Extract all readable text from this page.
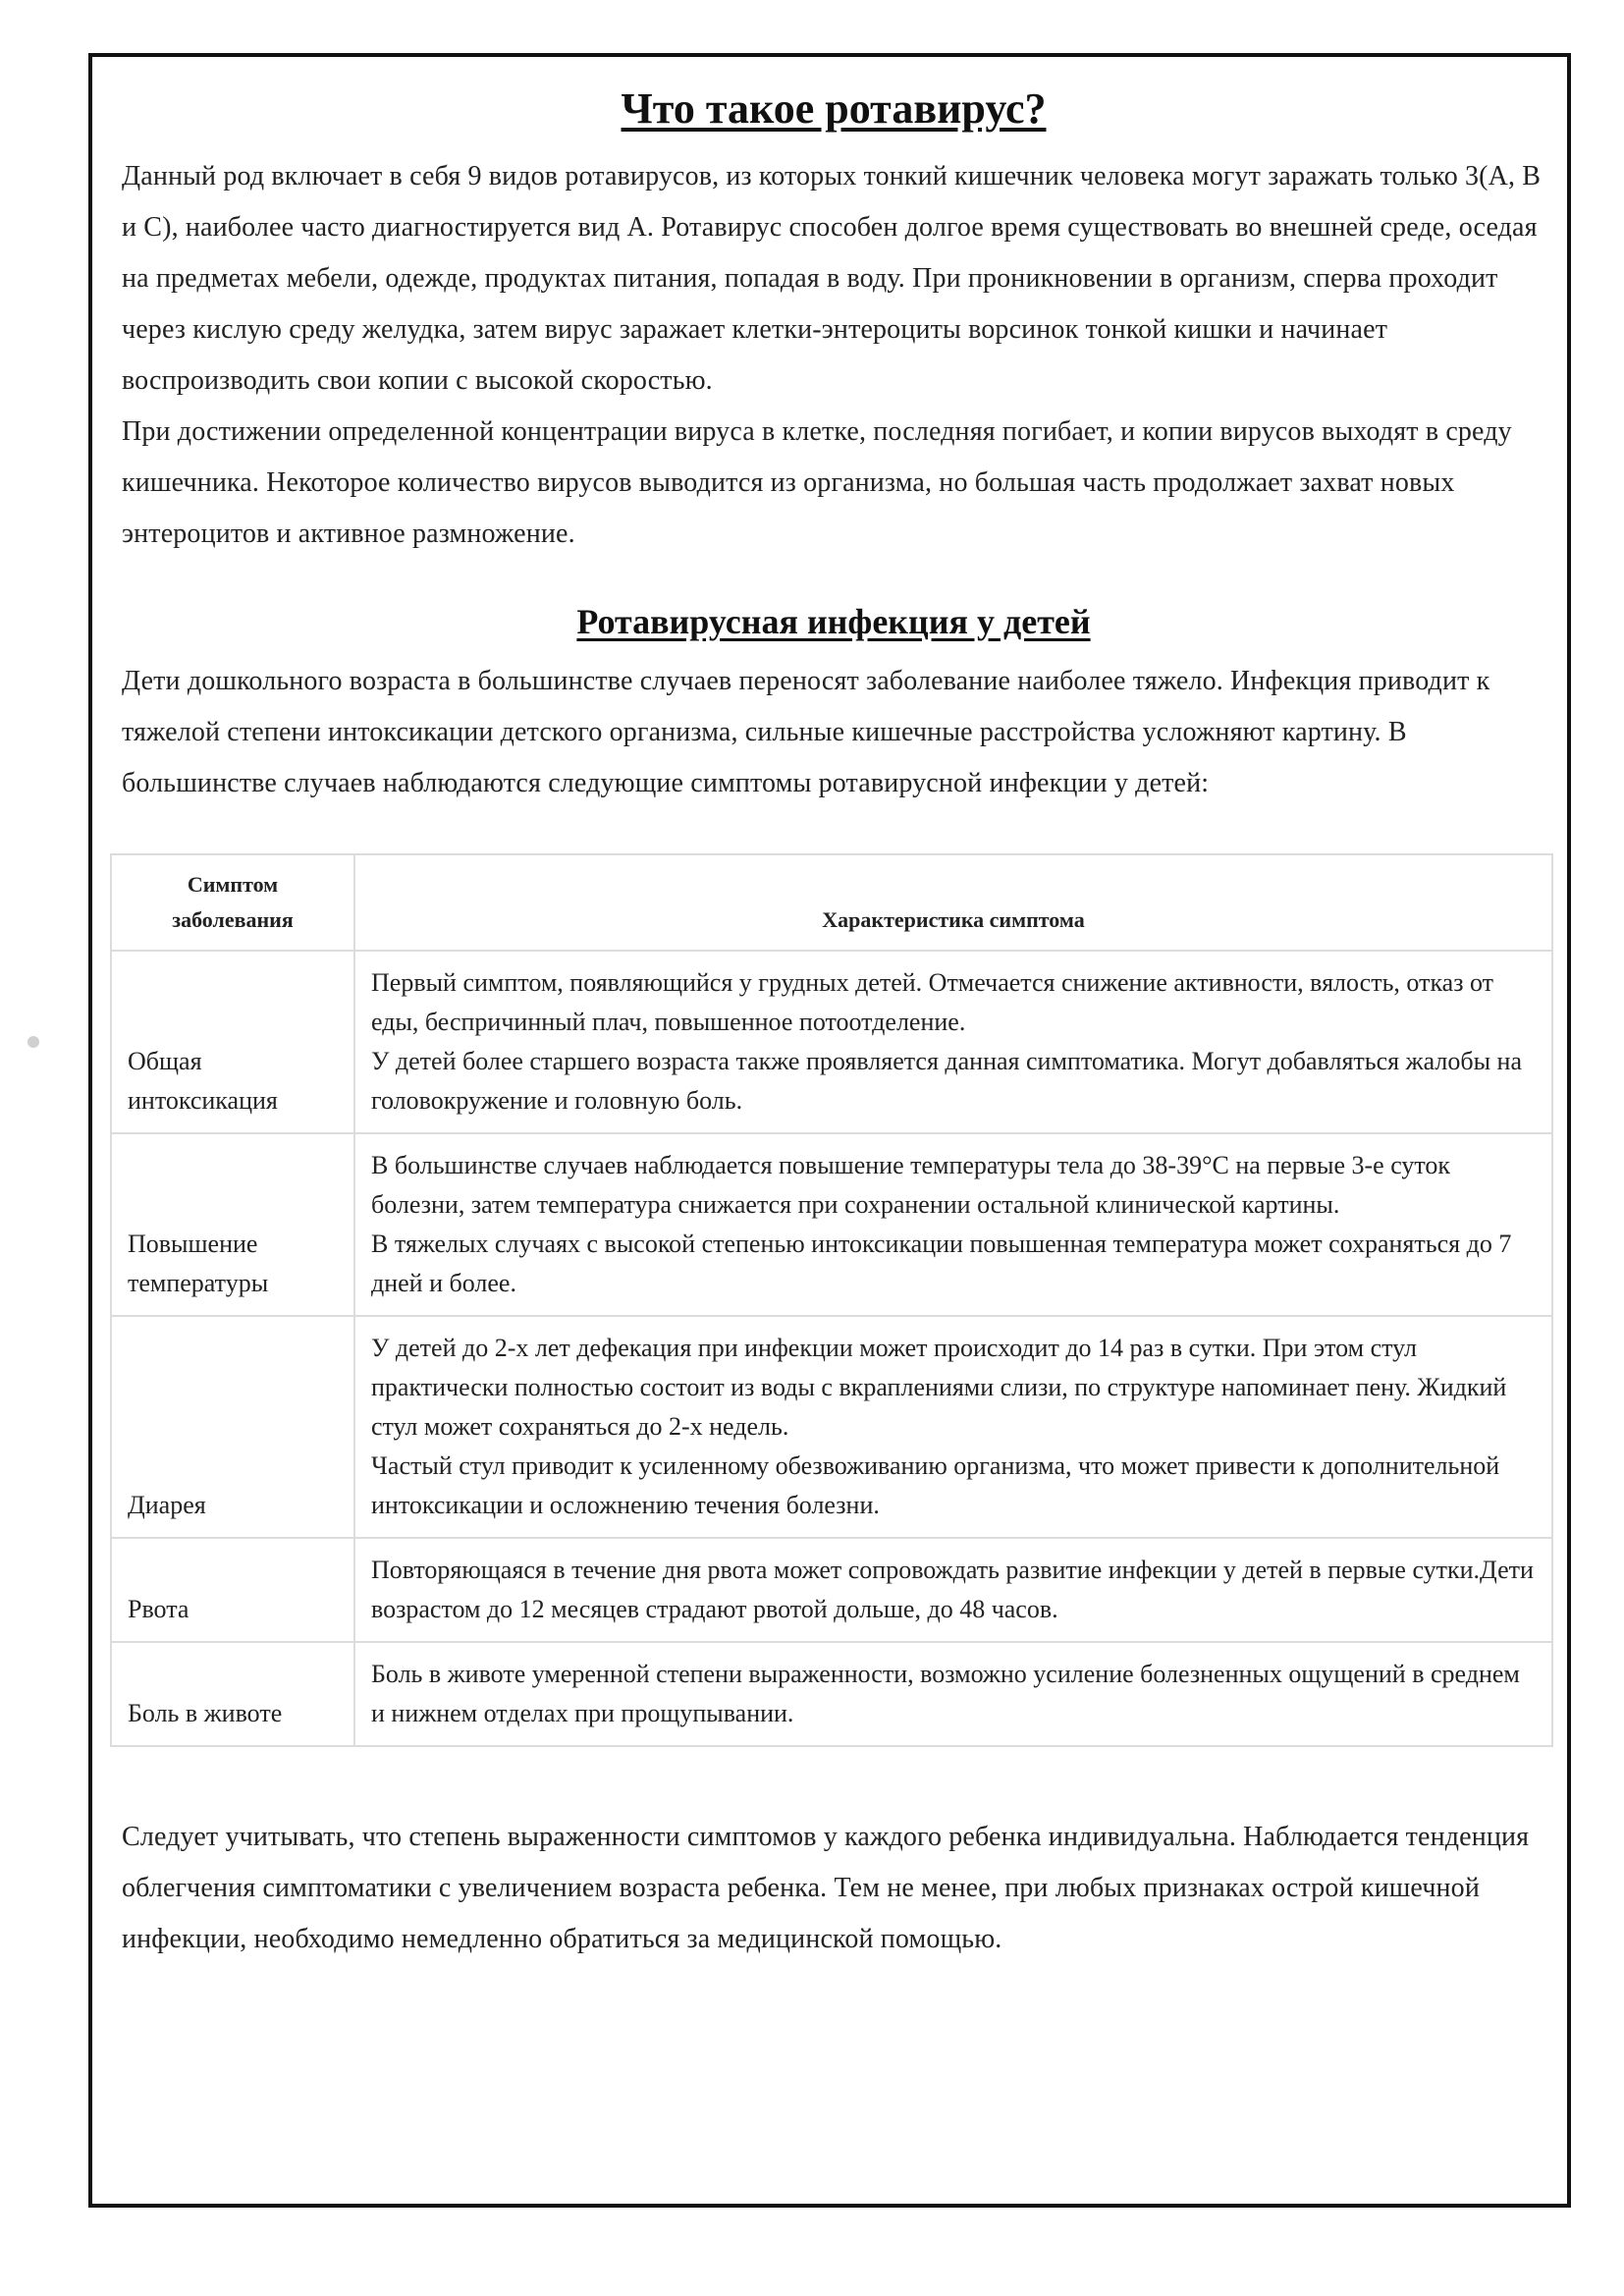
Что такое ротавирус?

Данный род включает в себя 9 видов ротавирусов, из которых тонкий кишечник человека могут заражать только 3(A, B и C), наиболее часто диагностируется вид А. Ротавирус способен долгое время существовать во внешней среде, оседая на предметах мебели, одежде, продуктах питания, попадая в воду. При проникновении в организм, сперва проходит через кислую среду желудка, затем вирус заражает клетки-энтероциты ворсинок тонкой кишки и начинает воспроизводить свои копии с высокой скоростью.

При достижении определенной концентрации вируса в клетке, последняя погибает, и копии вирусов выходят в среду кишечника. Некоторое количество вирусов выводится из организма, но большая часть продолжает захват новых энтероцитов и активное размножение.

Ротавирусная инфекция у детей

Дети дошкольного возраста в большинстве случаев переносят заболевание наиболее тяжело. Инфекция приводит к тяжелой степени интоксикации детского организма, сильные кишечные расстройства усложняют картину. В большинстве случаев наблюдаются следующие симптомы ротавирусной инфекции у детей:

Симптом заболевания	Характеристика симптома
Общая интоксикация	Первый симптом, появляющийся у грудных детей. Отмечается снижение активности, вялость, отказ от еды, беспричинный плач, повышенное потоотделение.
У детей более старшего возраста также проявляется данная симптоматика. Могут добавляться жалобы на головокружение и головную боль.
Повышение температуры	В большинстве случаев наблюдается повышение температуры тела до 38-39°С на первые 3-е суток болезни, затем температура снижается при сохранении остальной клинической картины.
В тяжелых случаях с высокой степенью интоксикации повышенная температура может сохраняться до 7 дней и более.
Диарея	У детей до 2-х лет дефекация при инфекции может происходит до 14 раз в сутки. При этом стул практически полностью состоит из воды с вкраплениями слизи, по структуре напоминает пену. Жидкий стул может сохраняться до 2-х недель.
Частый стул приводит к усиленному обезвоживанию организма, что может привести к дополнительной интоксикации и осложнению течения болезни.
Рвота	Повторяющаяся в течение дня рвота может сопровождать развитие инфекции у детей в первые сутки.Дети возрастом до 12 месяцев страдают рвотой дольше, до 48 часов.
Боль в животе	Боль в животе умеренной степени выраженности, возможно усиление болезненных ощущений в среднем и нижнем отделах при прощупывании.

Следует учитывать, что степень выраженности симптомов у каждого ребенка индивидуальна. Наблюдается тенденция облегчения симптоматики с увеличением возраста ребенка. Тем не менее, при любых признаках острой кишечной инфекции, необходимо немедленно обратиться за медицинской помощью.
